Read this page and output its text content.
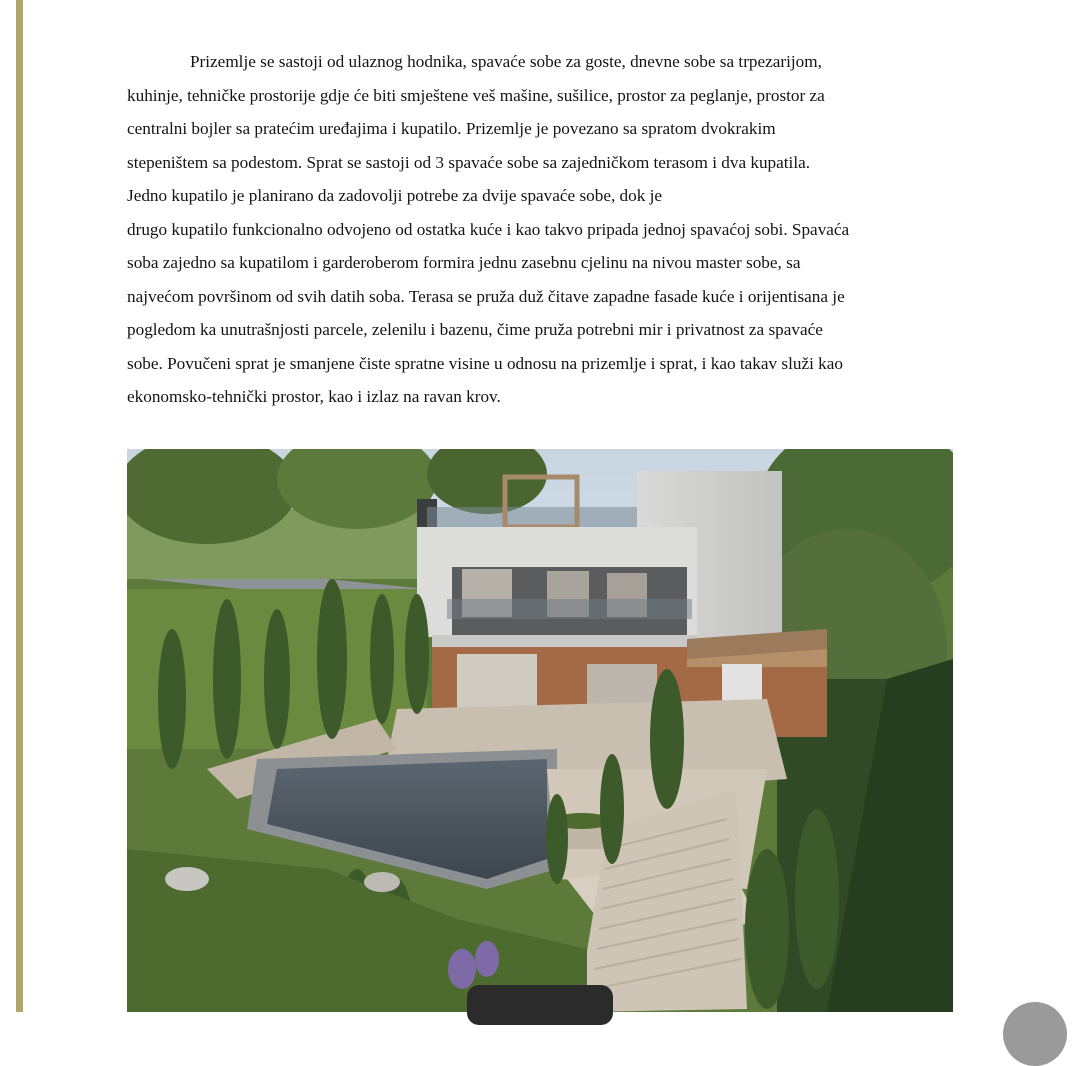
Prizemlje se sastoji od ulaznog hodnika, spavaće sobe za goste, dnevne sobe sa trpezarijom,
kuhinje, tehničke prostorije gdje će biti smještene veš mašine, sušilice, prostor za peglanje, prostor za
centralni bojler sa pratećim uređajima i kupatilo. Prizemlje je povezano sa spratom dvokrakim
stepeništem sa podestom. Sprat se sastoji od 3 spavaće sobe sa zajedničkom terasom i dva kupatila.
Jedno kupatilo je planirano da zadovolji potrebe za dvije spavaće sobe, dok je
drugo kupatilo funkcionalno odvojeno od ostatka kuće i kao takvo pripada jednoj spavaćoj sobi. Spavaća
soba zajedno sa kupatilom i garderoberom formira jednu zasebnu cjelinu na nivou master sobe, sa
najvećom površinom od svih datih soba. Terasa se pruža duž čitave zapadne fasade kuće i orijentisana je
pogledom ka unutrašnjosti parcele, zelenilu i bazenu, čime pruža potrebni mir i privatnost za spavaće
sobe. Povučeni sprat je smanjene čiste spratne visine u odnosu na prizemlje i sprat, i kao takav služi kao
ekonomsko-tehnički prostor, kao i izlaz na ravan krov.
